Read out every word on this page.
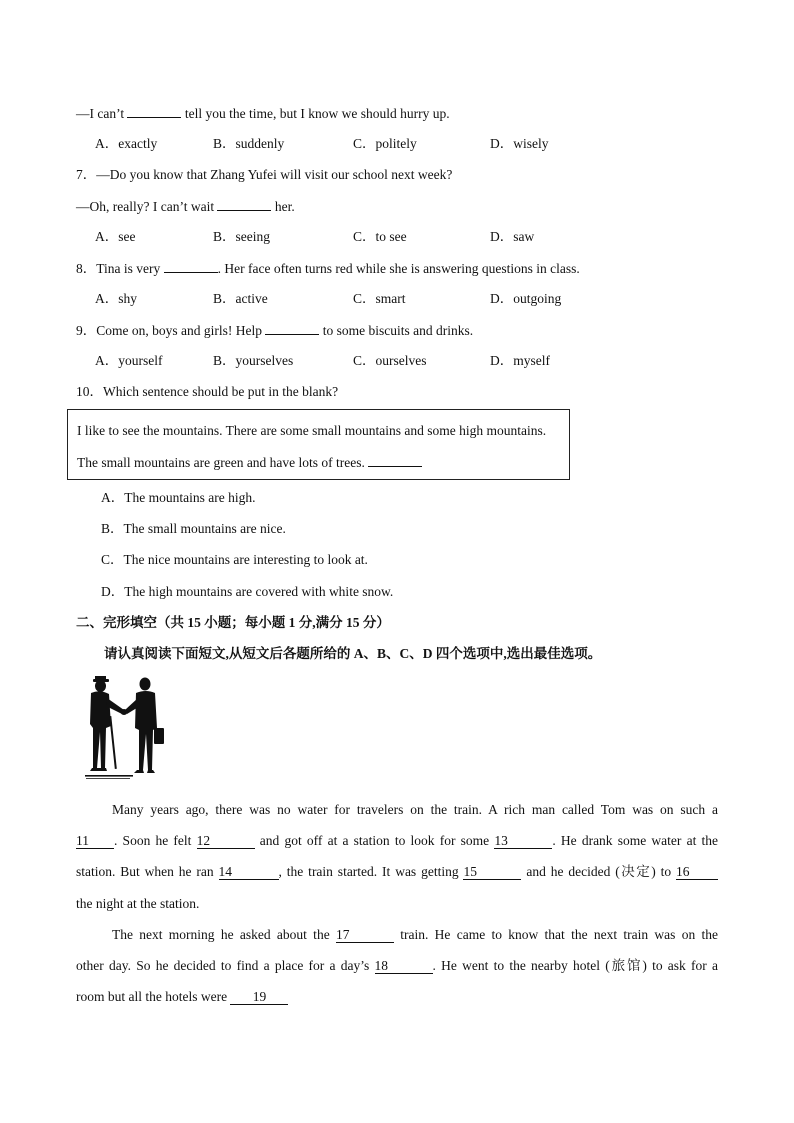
—I can’t	tell you the time, but I know we should hurry up.
A．exactly	B．suddenly	C．politely	D．wisely
7．—Do you know that Zhang Yufei will visit our school next week?
—Oh, really? I can’t wait	her.
A．see	B．seeing	C．to see	D．saw
8．Tina is very	. Her face often turns red while she is answering questions in class.
A．shy	B．active	C．smart	D．outgoing
9．Come on, boys and girls! Help	to some biscuits and drinks.
A．yourself	B．yourselves	C．ourselves	D．myself
10．Which sentence should be put in the blank?
I like to see the mountains. There are some small mountains and some high mountains.
The small mountains are green and have lots of trees.
A．The mountains are high.
B．The small mountains are nice.
C．The nice mountains are interesting to look at.
D．The high mountains are covered with white snow.
二、完形填空（共 15 小题；每小题 1 分,满分 15 分）
请认真阅读下面短文,从短文后各题所给的 A、B、C、D 四个选项中,选出最佳选项。
Many years ago, there was no water for travelers on the train. A rich man called Tom was on such a
11 . Soon he felt 12	and got off at a station to look for some 13	. He drank some water at the
station. But when he ran 14	, the train started. It was getting 15	and he decided (决定) to 16
the night at the station.
The next morning he asked about the 17	train. He came to know that the next train was on the
other day. So he decided to find a place for a day’s 18	. He went to the nearby hotel (旅馆) to ask for a
room but all the hotels were 19
